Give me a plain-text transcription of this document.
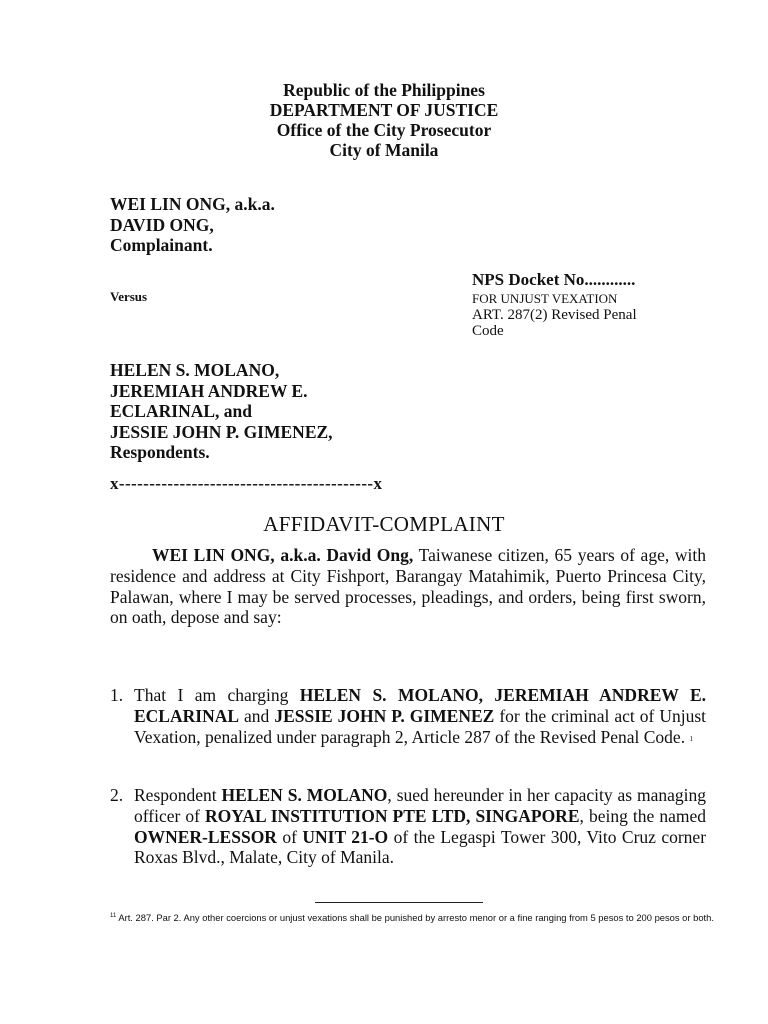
Republic of the Philippines
DEPARTMENT OF JUSTICE
Office of the City Prosecutor
City of Manila
WEI LIN ONG, a.k.a.
DAVID ONG,
Complainant.
Versus
NPS Docket No............
FOR UNJUST VEXATION
ART. 287(2) Revised Penal
Code
HELEN S. MOLANO,
JEREMIAH ANDREW E.
ECLARINAL, and
JESSIE JOHN P. GIMENEZ,
Respondents.
x------------------------------------------x
AFFIDAVIT-COMPLAINT
WEI LIN ONG, a.k.a. David Ong, Taiwanese citizen, 65 years of age, with residence and address at City Fishport, Barangay Matahimik, Puerto Princesa City, Palawan, where I may be served processes, pleadings, and orders, being first sworn, on oath, depose and say:
1. That I am charging HELEN S. MOLANO, JEREMIAH ANDREW E. ECLARINAL and JESSIE JOHN P. GIMENEZ for the criminal act of Unjust Vexation, penalized under paragraph 2, Article 287 of the Revised Penal Code. $^1$
2. Respondent HELEN S. MOLANO, sued hereunder in her capacity as managing officer of ROYAL INSTITUTION PTE LTD, SINGAPORE, being the named OWNER-LESSOR of UNIT 21-O of the Legaspi Tower 300, Vito Cruz corner Roxas Blvd., Malate, City of Manila.
$^{11}$ Art. 287. Par 2. Any other coercions or unjust vexations shall be punished by arresto menor or a fine ranging from 5 pesos to 200 pesos or both.
